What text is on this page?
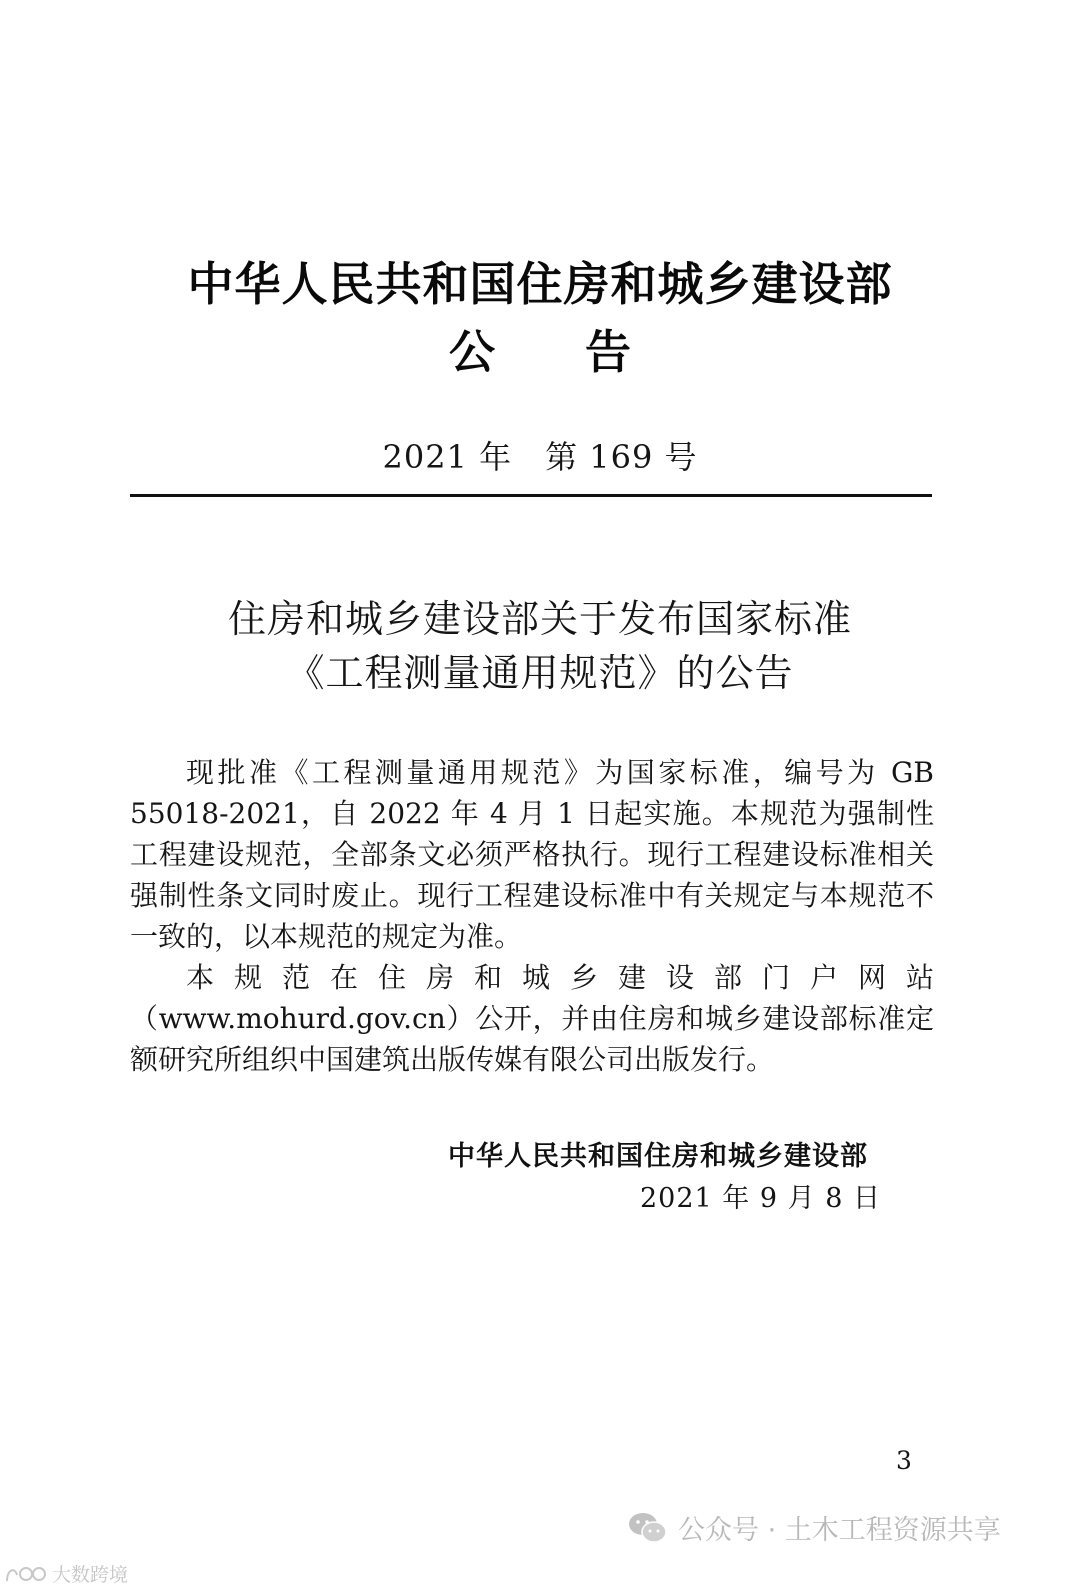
中华人民共和国住房和城乡建设部
公告
2021 年　第 169 号
住房和城乡建设部关于发布国家标准
《工程测量通用规范》的公告

现批准《工程测量通用规范》为国家标准，编号为 GB 55018-2021，自 2022 年 4 月 1 日起实施。本规范为强制性工程建设规范，全部条文必须严格执行。现行工程建设标准相关强制性条文同时废止。现行工程建设标准中有关规定与本规范不一致的，以本规范的规定为准。

本规范在住房和城乡建设部门户网站（www.mohurd.gov.cn）公开，并由住房和城乡建设部标准定额研究所组织中国建筑出版传媒有限公司出版发行。

中华人民共和国住房和城乡建设部
2021 年 9 月 8 日
3
公众号 · 土木工程资源共享
大数跨境
